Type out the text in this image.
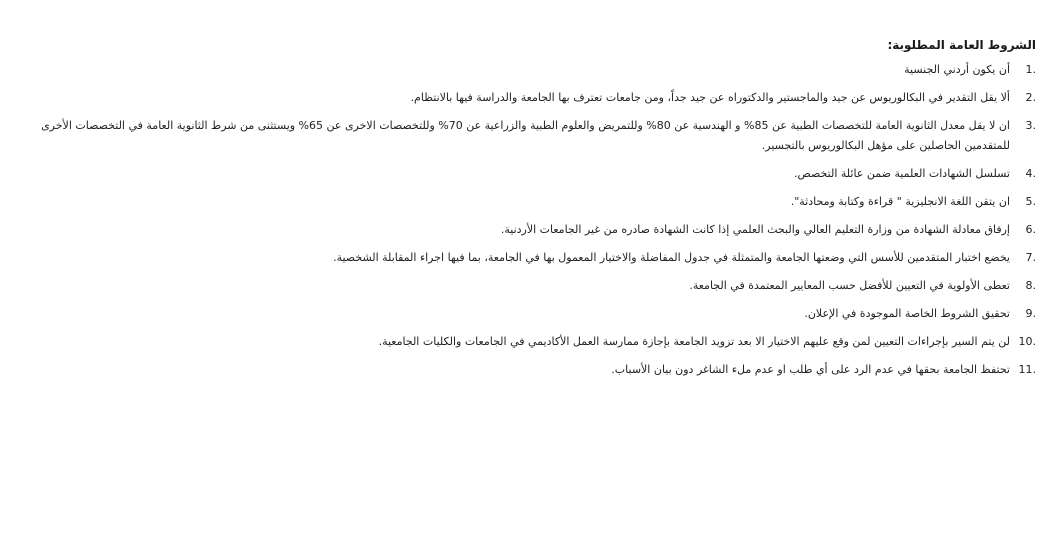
الشروط العامة المطلوبة:
1.
أن يكون أردني الجنسية
2.
ألا يقل التقدير في البكالوريوس عن جيد والماجستير والدكتوراه عن جيد جداً، ومن جامعات تعترف بها الجامعة والدراسة فيها بالانتظام.
3.
ان لا يقل معدل الثانوية العامة للتخصصات الطبية عن 85% و الهندسية عن 80% وللتمريض والعلوم الطبية والزراعية عن 70% وللتخصصات الاخرى عن 65% ويستثنى من شرط الثانوية العامة في التخصصات الأخرى للمتقدمين الحاصلين على مؤهل البكالوريوس بالتجسير.
4.
تسلسل الشهادات العلمية ضمن عائلة التخصص.
5.
ان يتقن اللغة الانجليزية " قراءة وكتابة ومحادثة".
6.
إرفاق معادلة الشهادة من وزارة التعليم العالي والبحث العلمي إذا كانت الشهادة صادره من غير الجامعات الأردنية.
7.
يخضع اختبار المتقدمين للأسس التي وضعتها الجامعة والمتمثلة في جدول المفاضلة والاختيار المعمول بها في الجامعة، بما فيها اجراء المقابلة الشخصية.
8.
تعطى الأولوية في التعيين للأفضل حسب المعايير المعتمدة في الجامعة.
9.
تحقيق الشروط الخاصة الموجودة في الإعلان.
10.
لن يتم السير بإجراءات التعيين لمن وقع عليهم الاختيار الا بعد تزويد الجامعة بإجازة ممارسة العمل الأكاديمي في الجامعات والكليات الجامعية.
11.
تحتفظ الجامعة بحقها في عدم الرد على أي طلب او عدم ملء الشاغر دون بيان الأسباب.
